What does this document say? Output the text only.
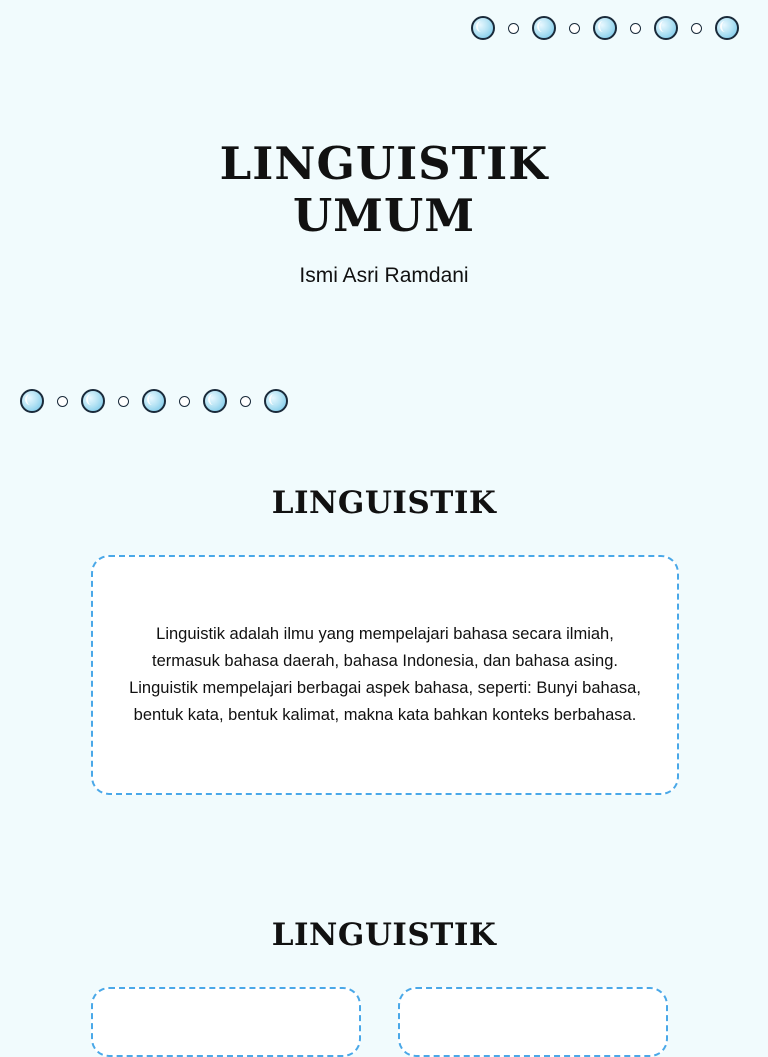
LINGUISTIK
UMUM

Ismi Asri Ramdani

LINGUISTIK

Linguistik adalah ilmu yang mempelajari bahasa secara ilmiah, termasuk bahasa daerah, bahasa Indonesia, dan bahasa asing. Linguistik mempelajari berbagai aspek bahasa, seperti: Bunyi bahasa, bentuk kata, bentuk kalimat, makna kata bahkan konteks berbahasa.

LINGUISTIK
